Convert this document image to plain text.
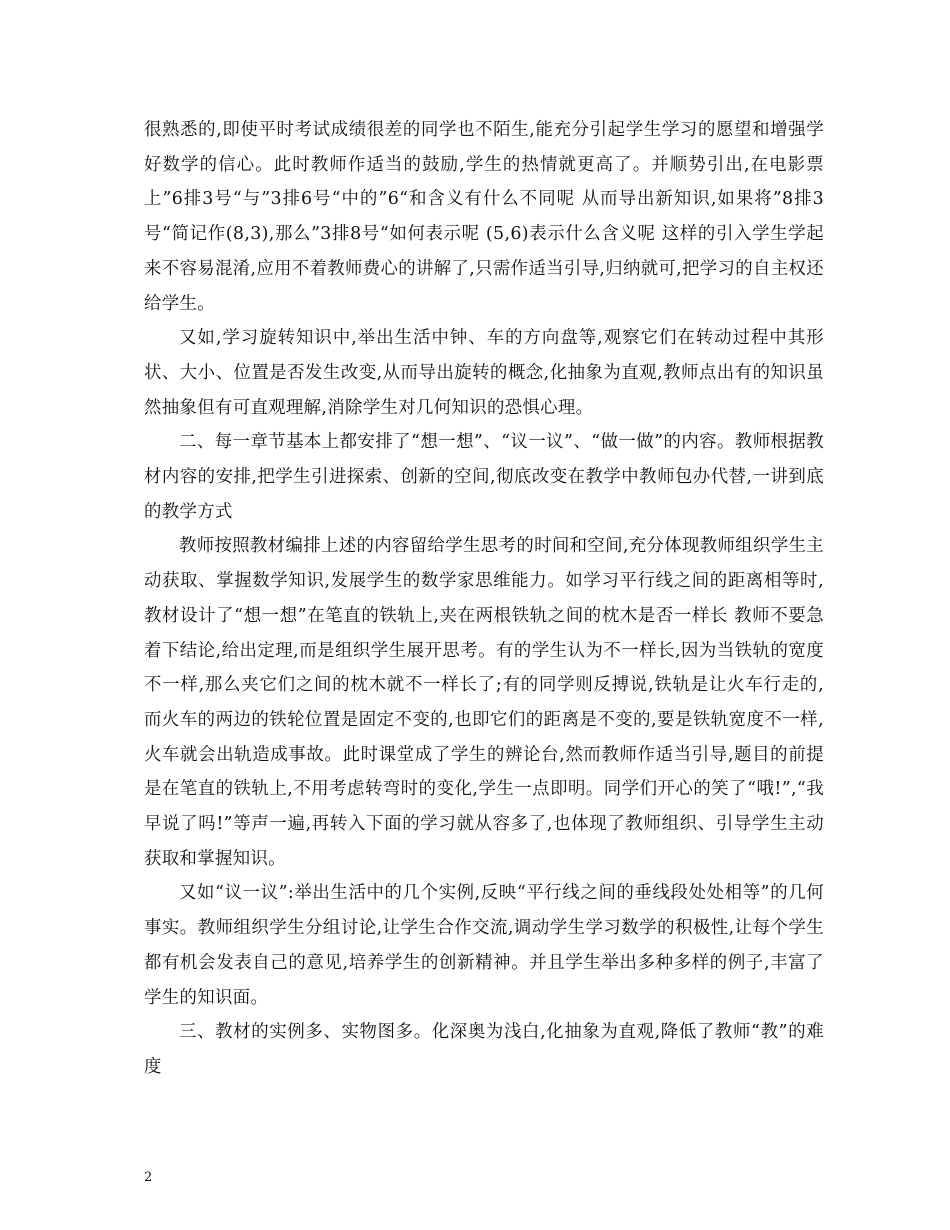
很熟悉的,即使平时考试成绩很差的同学也不陌生,能充分引起学生学习的愿望和增强学好数学的信心。此时教师作适当的鼓励,学生的热情就更高了。并顺势引出,在电影票上”6排3号“与”3排6号“中的”6“和含义有什么不同呢 从而导出新知识,如果将”8排3号“简记作(8,3),那么”3排8号“如何表示呢 (5,6)表示什么含义呢 这样的引入学生学起来不容易混淆,应用不着教师费心的讲解了,只需作适当引导,归纳就可,把学习的自主权还给学生。

又如,学习旋转知识中,举出生活中钟、车的方向盘等,观察它们在转动过程中其形状、大小、位置是否发生改变,从而导出旋转的概念,化抽象为直观,教师点出有的知识虽然抽象但有可直观理解,消除学生对几何知识的恐惧心理。

二、每一章节基本上都安排了“想一想”、“议一议”、“做一做”的内容。教师根据教材内容的安排,把学生引进探索、创新的空间,彻底改变在教学中教师包办代替,一讲到底的教学方式

教师按照教材编排上述的内容留给学生思考的时间和空间,充分体现教师组织学生主动获取、掌握数学知识,发展学生的数学家思维能力。如学习平行线之间的距离相等时,教材设计了“想一想”在笔直的铁轨上,夹在两根铁轨之间的枕木是否一样长 教师不要急着下结论,给出定理,而是组织学生展开思考。有的学生认为不一样长,因为当铁轨的宽度不一样,那么夹它们之间的枕木就不一样长了;有的同学则反搏说,铁轨是让火车行走的,而火车的两边的铁轮位置是固定不变的,也即它们的距离是不变的,要是铁轨宽度不一样,火车就会出轨造成事故。此时课堂成了学生的辨论台,然而教师作适当引导,题目的前提是在笔直的铁轨上,不用考虑转弯时的变化,学生一点即明。同学们开心的笑了“哦!”,“我早说了吗!”等声一遍,再转入下面的学习就从容多了,也体现了教师组织、引导学生主动获取和掌握知识。

又如“议一议”:举出生活中的几个实例,反映“平行线之间的垂线段处处相等”的几何事实。教师组织学生分组讨论,让学生合作交流,调动学生学习数学的积极性,让每个学生都有机会发表自己的意见,培养学生的创新精神。并且学生举出多种多样的例子,丰富了学生的知识面。

三、教材的实例多、实物图多。化深奥为浅白,化抽象为直观,降低了教师“教”的难度

2
